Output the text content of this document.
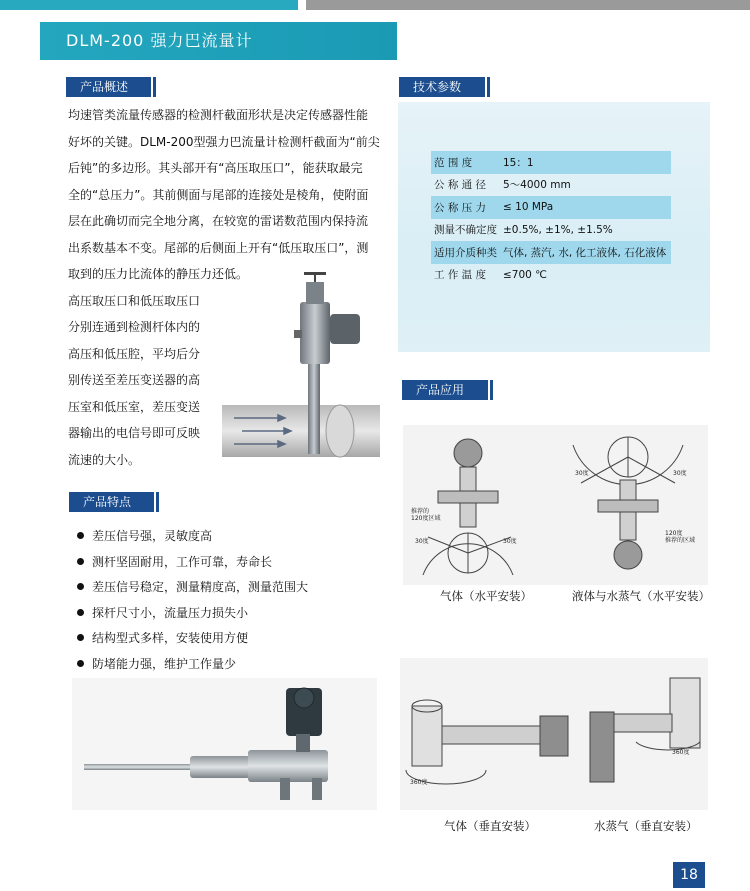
DLM-200 强力巴流量计
产品概述
均速管类流量传感器的检测杆截面形状是决定传感器性能
好坏的关键。DLM-200型强力巴流量计检测杆截面为“前尖
后钝”的多边形。其头部开有“高压取压口”，能获取最完
全的“总压力”。其前侧面与尾部的连接处是棱角，使附面
层在此确切而完全地分离，在较宽的雷诺数范围内保持流
出系数基本不变。尾部的后侧面上开有“低压取压口”，测
取到的压力比流体的静压力还低。
高压取压口和低压取压口
分别连通到检测杆体内的
高压和低压腔，平均后分
别传送至差压变送器的高
压室和低压室，差压变送
器输出的电信号即可反映
流速的大小。
技术参数
范 围 度	15：1
公 称 通 径	5～4000 mm
公 称 压 力	≤ 10 MPa
测量不确定度	±0.5%, ±1%, ±1.5%
适用介质种类	气体, 蒸汽, 水, 化工液体, 石化液体
工 作 温 度	≤700 ℃
产品应用
推荐的 120度区域
30度	30度
30度	30度
120度推荐的区域
气体（水平安装）	液体与水蒸气（水平安装）
360度
360度
气体（垂直安装）	水蒸气（垂直安装）
产品特点
差压信号强，灵敏度高
测杆坚固耐用，工作可靠，寿命长
差压信号稳定，测量精度高，测量范围大
探杆尺寸小，流量压力损失小
结构型式多样，安装使用方便
防堵能力强，维护工作量少
18
